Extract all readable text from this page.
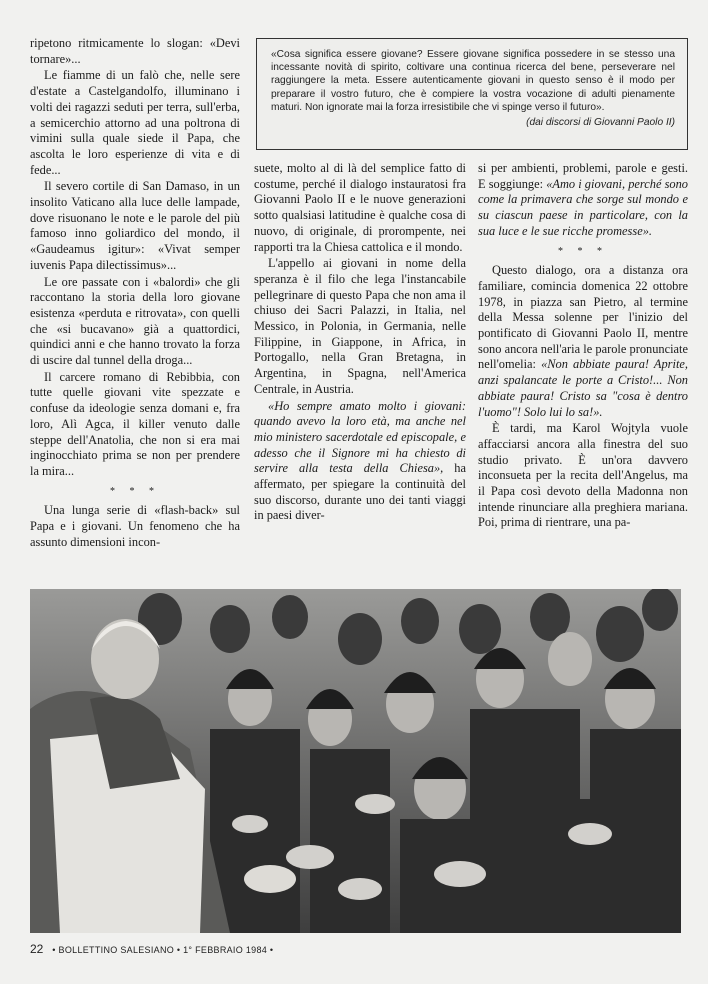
ripetono ritmicamente lo slogan: «Devi tornare»...

Le fiamme di un falò che, nelle sere d'estate a Castelgandolfo, illuminano i volti dei ragazzi seduti per terra, sull'erba, a semicerchio attorno ad una poltrona di vimini sulla quale siede il Papa, che ascolta le loro esperienze di vita e di fede...

Il severo cortile di San Damaso, in un insolito Vaticano alla luce delle lampade, dove risuonano le note e le parole del più famoso inno goliardico del mondo, il «Gaudeamus igitur»: «Vivat semper iuvenis Papa dilectissimus»...

Le ore passate con i «balordi» che gli raccontano la storia della loro giovane esistenza «perduta e ritrovata», con quelli che «si bucavano» già a quattordici, quindici anni e che hanno trovato la forza di uscire dal tunnel della droga...

Il carcere romano di Rebibbia, con tutte quelle giovani vite spezzate e confuse da ideologie senza domani e, fra loro, Alì Agca, il killer venuto dalle steppe dell'Anatolia, che non si era mai inginocchiato prima se non per prendere la mira...

* * *

Una lunga serie di «flash-back» sul Papa e i giovani. Un fenomeno che ha assunto dimensioni incon-

«Cosa significa essere giovane? Essere giovane significa possedere in se stesso una incessante novità di spirito, coltivare una continua ricerca del bene, perseverare nel raggiungere la meta. Essere autenticamente giovani in questo senso è il modo per preparare il vostro futuro, che è compiere la vostra vocazione di adulti pienamente maturi. Non ignorate mai la forza irresistibile che vi spinge verso il futuro».
(dai discorsi di Giovanni Paolo II)

suete, molto al di là del semplice fatto di costume, perché il dialogo instauratosi fra Giovanni Paolo II e le nuove generazioni sotto qualsiasi latitudine è qualche cosa di nuovo, di originale, di prorompente, nei rapporti tra la Chiesa cattolica e il mondo.

L'appello ai giovani in nome della speranza è il filo che lega l'instancabile pellegrinare di questo Papa che non ama il chiuso dei Sacri Palazzi, in Italia, nel Messico, in Polonia, in Germania, nelle Filippine, in Giappone, in Africa, in Portogallo, nella Gran Bretagna, in Argentina, in Spagna, nell'America Centrale, in Austria.

«Ho sempre amato molto i giovani: quando avevo la loro età, ma anche nel mio ministero sacerdotale ed episcopale, e adesso che il Signore mi ha chiesto di servire alla testa della Chiesa», ha affermato, per spiegare la continuità del suo discorso, durante uno dei tanti viaggi in paesi diver-

si per ambienti, problemi, parole e gesti. E soggiunge: «Amo i giovani, perché sono come la primavera che sorge sul mondo e su ciascun paese in particolare, con la sua luce e le sue ricche promesse».

* * *

Questo dialogo, ora a distanza ora familiare, comincia domenica 22 ottobre 1978, in piazza san Pietro, al termine della Messa solenne per l'inizio del pontificato di Giovanni Paolo II, mentre sono ancora nell'aria le parole pronunciate nell'omelia: «Non abbiate paura! Aprite, anzi spalancate le porte a Cristo!... Non abbiate paura! Cristo sa "cosa è dentro l'uomo"! Solo lui lo sa!».

È tardi, ma Karol Wojtyla vuole affacciarsi ancora alla finestra del suo studio privato. È un'ora davvero inconsueta per la recita dell'Angelus, ma il Papa così devoto della Madonna non intende rinunciare alla preghiera mariana. Poi, prima di rientrare, una pa-

22 • BOLLETTINO SALESIANO • 1° FEBBRAIO 1984 •
